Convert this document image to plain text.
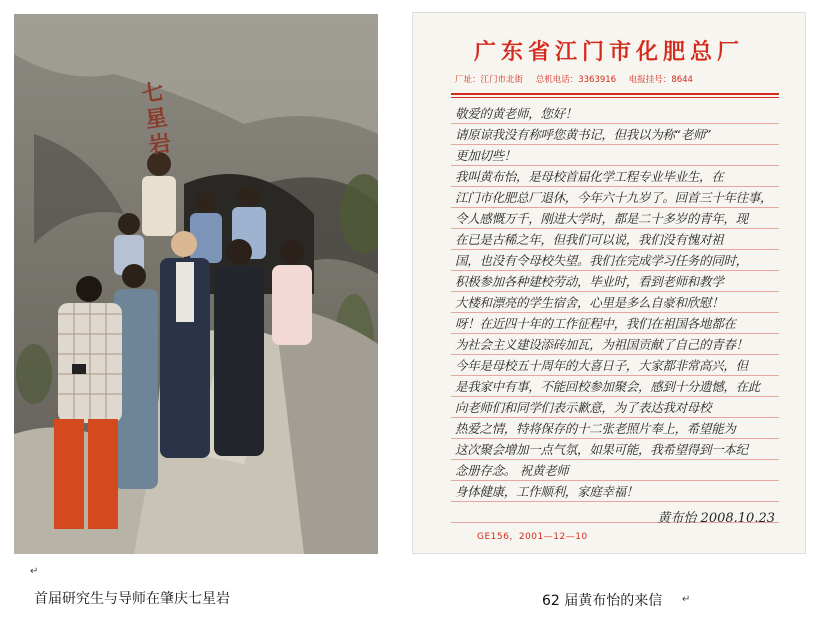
七星岩
广东省江门市化肥总厂
厂址：江门市北街 总机电话：3363916 电报挂号：8644
敬爱的黄老师，您好！
请原谅我没有称呼您黄书记，但我以为称“老师”
更加切些！
我叫黄布怡，是母校首届化学工程专业毕业生，在
江门市化肥总厂退休，今年六十九岁了。回首三十年往事，
令人感慨万千，刚进大学时，都是二十多岁的青年，现
在已是古稀之年，但我们可以说，我们没有愧对祖
国，也没有令母校失望。我们在完成学习任务的同时，
积极参加各种建校劳动，毕业时，看到老师和教学
大楼和漂亮的学生宿舍，心里是多么自豪和欣慰！
呀！在近四十年的工作征程中，我们在祖国各地都在
为社会主义建设添砖加瓦，为祖国贡献了自己的青春！
今年是母校五十周年的大喜日子，大家都非常高兴，但
是我家中有事，不能回校参加聚会，感到十分遗憾，在此
向老师们和同学们表示歉意，为了表达我对母校
热爱之情，特将保存的十二张老照片奉上，希望能为
这次聚会增加一点气氛，如果可能，我希望得到一本纪
念册存念。 祝黄老师
身体健康，工作顺利，家庭幸福！
黄布怡 2008.10.23
GE156，2001—12—10
↵
首届研究生与导师在肇庆七星岩	62 届黄布怡的来信 ↵
